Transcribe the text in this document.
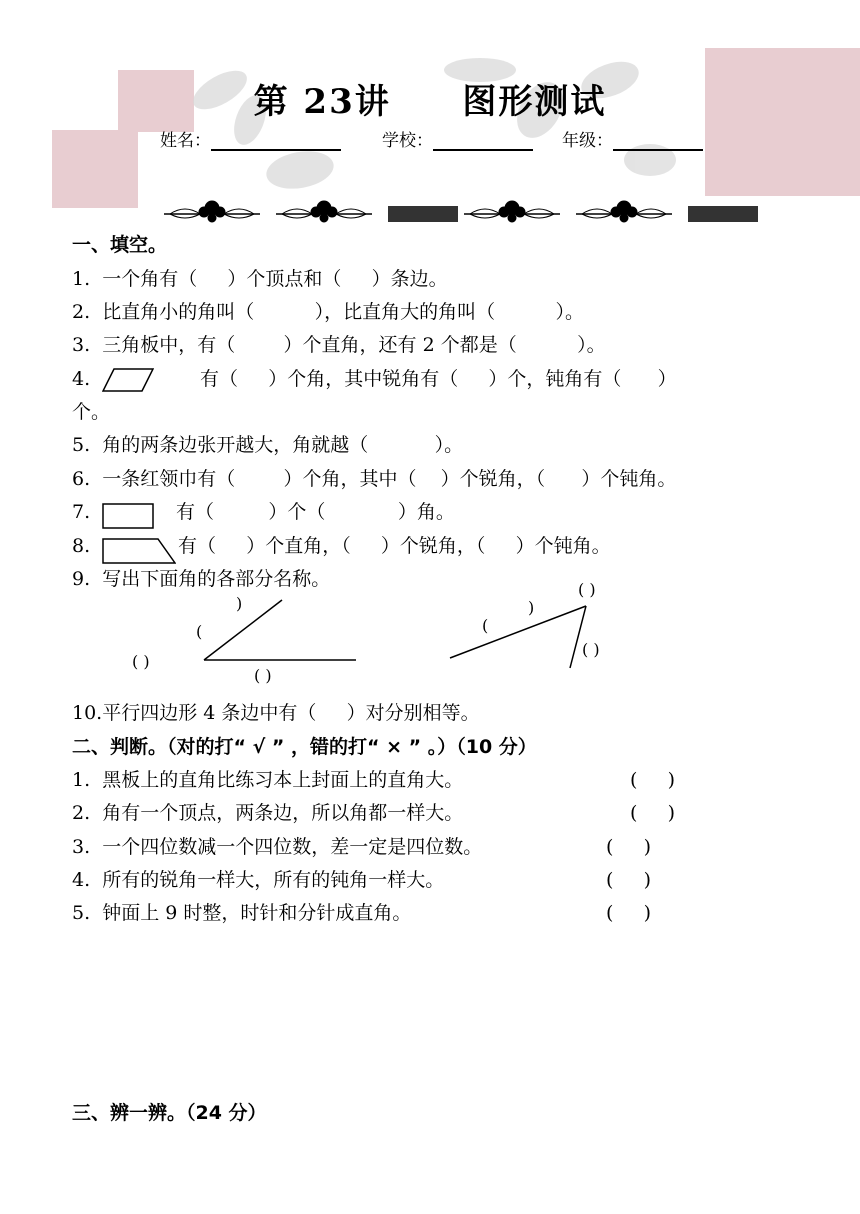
第 23讲 图形测试
姓名：	学校：	年级：
一、填空。
1.  一个角有（     ）个顶点和（     ）条边。
2.  比直角小的角叫（          ），比直角大的角叫（          ）。
3.  三角板中，有（        ）个直角，还有 2 个都是（          ）。
4.	有（     ）个角，其中锐角有（     ）个，钝角有（      ）
个。
5.  角的两条边张开越大，角就越（           ）。
6.  一条红领巾有（        ）个角，其中（    ）个锐角，（      ）个钝角。
7.	有（         ）个（            ）角。
8.	有（     ）个直角，（     ）个锐角，（     ）个钝角。
9.  写出下面角的各部分名称。
)
(
( )
( )
( )
)
(
( )
10.平行四边形 4 条边中有（     ）对分别相等。
二、判断。（对的打“ √ ” ，错的打“ × ” 。）（10 分）
1.  黑板上的直角比练习本上封面上的直角大。	(     )
2.  角有一个顶点，两条边，所以角都一样大。	(     )
3.  一个四位数减一个四位数，差一定是四位数。	(     )
4.  所有的锐角一样大，所有的钝角一样大。	(     )
5.  钟面上 9 时整，时针和分针成直角。	(     )
三、辨一辨。（24 分）
